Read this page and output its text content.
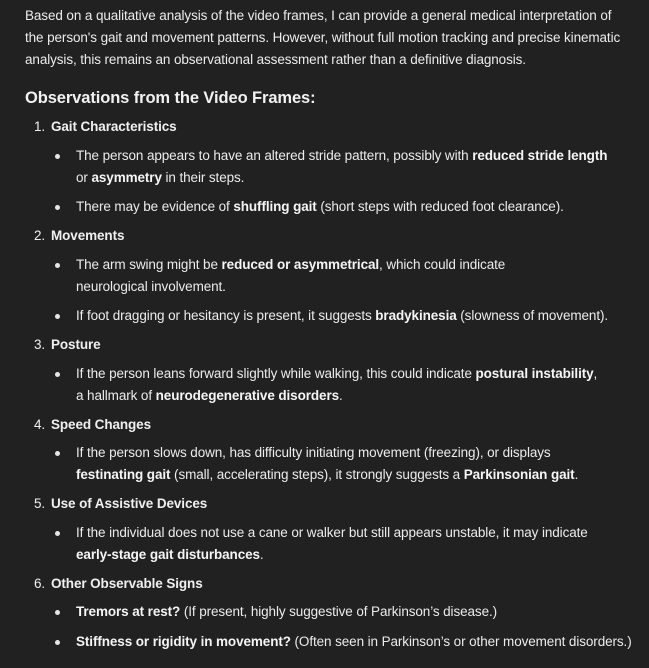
Based on a qualitative analysis of the video frames, I can provide a general medical interpretation of the person's gait and movement patterns. However, without full motion tracking and precise kinematic analysis, this remains an observational assessment rather than a definitive diagnosis.

Observations from the Video Frames:

1. Gait Characteristics

The person appears to have an altered stride pattern, possibly with reduced stride length or asymmetry in their steps.

There may be evidence of shuffling gait (short steps with reduced foot clearance).

2. Movements

The arm swing might be reduced or asymmetrical, which could indicate neurological involvement.

If foot dragging or hesitancy is present, it suggests bradykinesia (slowness of movement).

3. Posture

If the person leans forward slightly while walking, this could indicate postural instability, a hallmark of neurodegenerative disorders.

4. Speed Changes

If the person slows down, has difficulty initiating movement (freezing), or displays festinating gait (small, accelerating steps), it strongly suggests a Parkinsonian gait.

5. Use of Assistive Devices

If the individual does not use a cane or walker but still appears unstable, it may indicate early-stage gait disturbances.

6. Other Observable Signs

Tremors at rest? (If present, highly suggestive of Parkinson’s disease.)

Stiffness or rigidity in movement? (Often seen in Parkinson’s or other movement disorders.)
